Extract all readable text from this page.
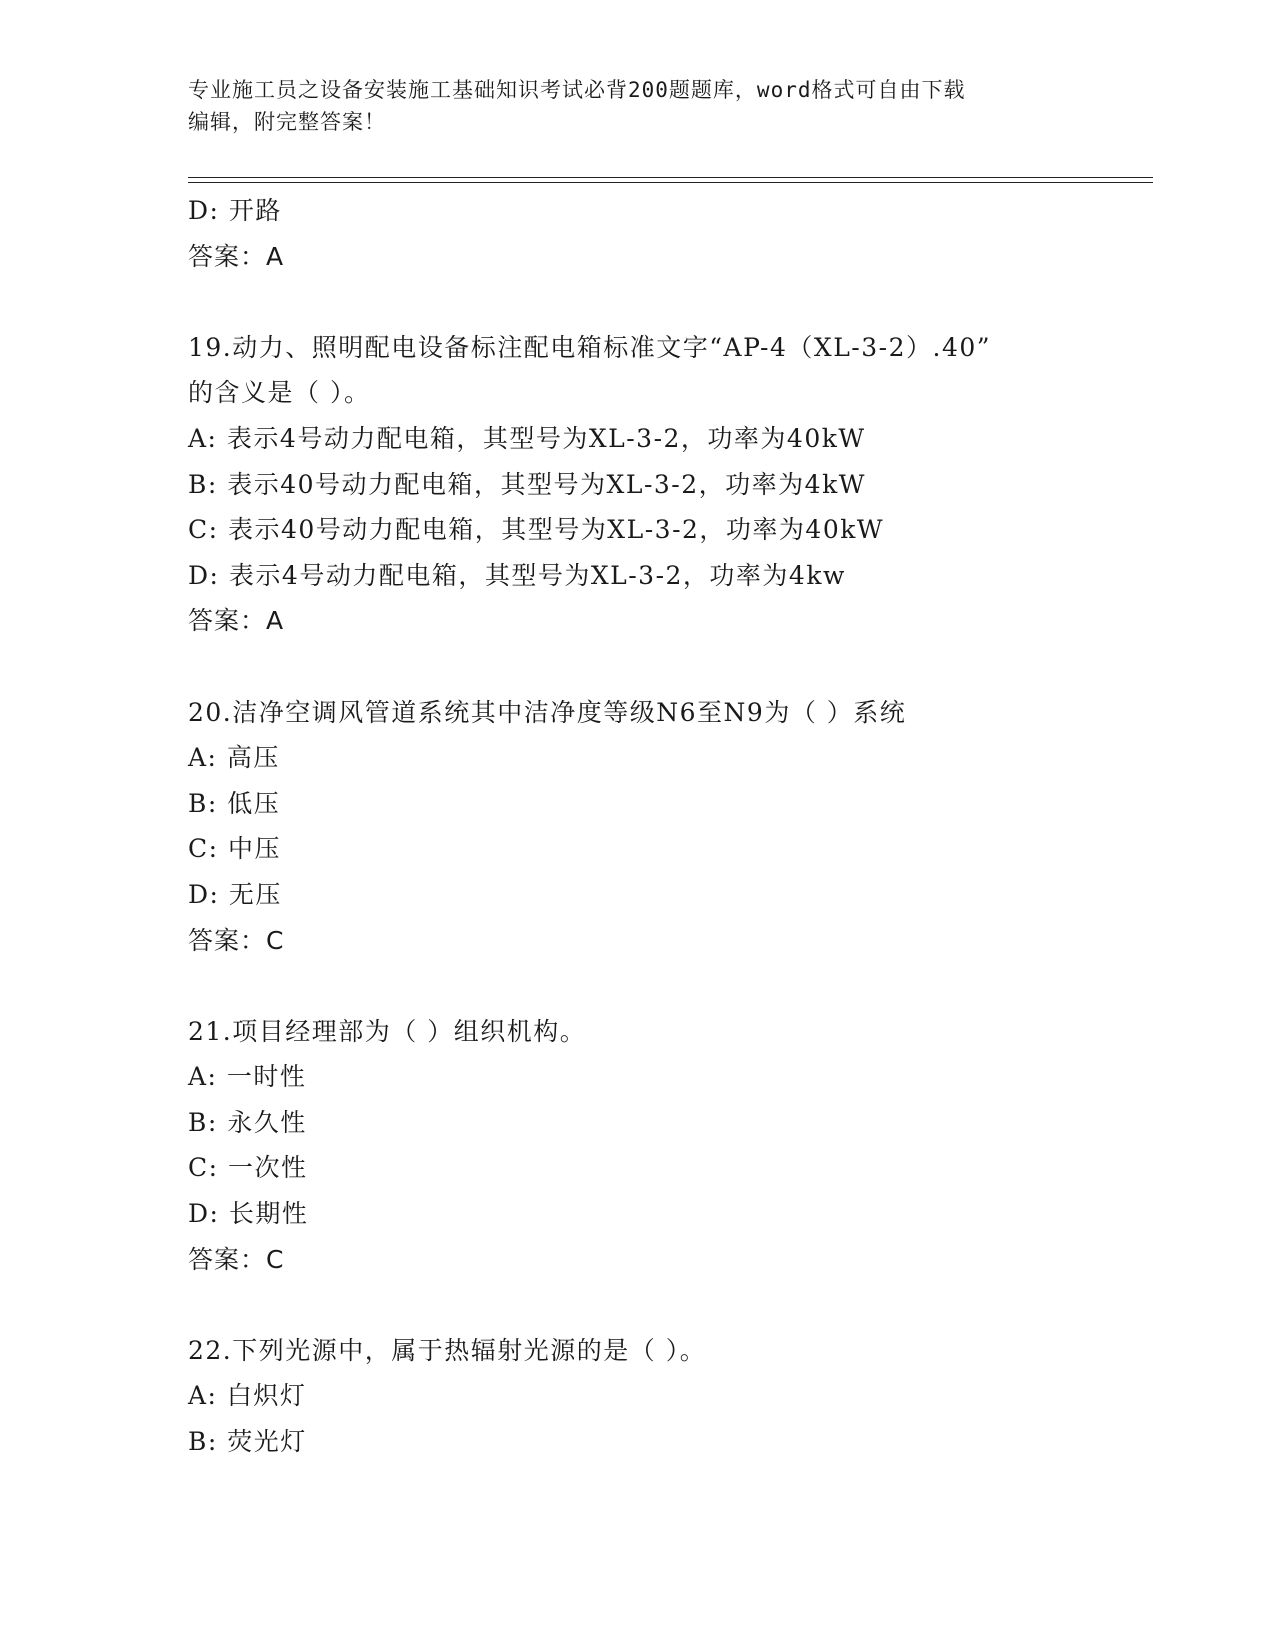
专业施工员之设备安装施工基础知识考试必背200题题库，word格式可自由下载
编辑，附完整答案！
D: 开路
答案：A
19.动力、照明配电设备标注配电箱标准文字“AP-4（XL-3-2）.40”
的含义是（ ）。
A: 表示4号动力配电箱，其型号为XL-3-2，功率为40kW
B: 表示40号动力配电箱，其型号为XL-3-2，功率为4kW
C: 表示40号动力配电箱，其型号为XL-3-2，功率为40kW
D: 表示4号动力配电箱，其型号为XL-3-2，功率为4kw
答案：A
20.洁净空调风管道系统其中洁净度等级N6至N9为（ ）系统
A: 高压
B: 低压
C: 中压
D: 无压
答案：C
21.项目经理部为（ ）组织机构。
A: 一时性
B: 永久性
C: 一次性
D: 长期性
答案：C
22.下列光源中，属于热辐射光源的是（ ）。
A: 白炽灯
B: 荧光灯
